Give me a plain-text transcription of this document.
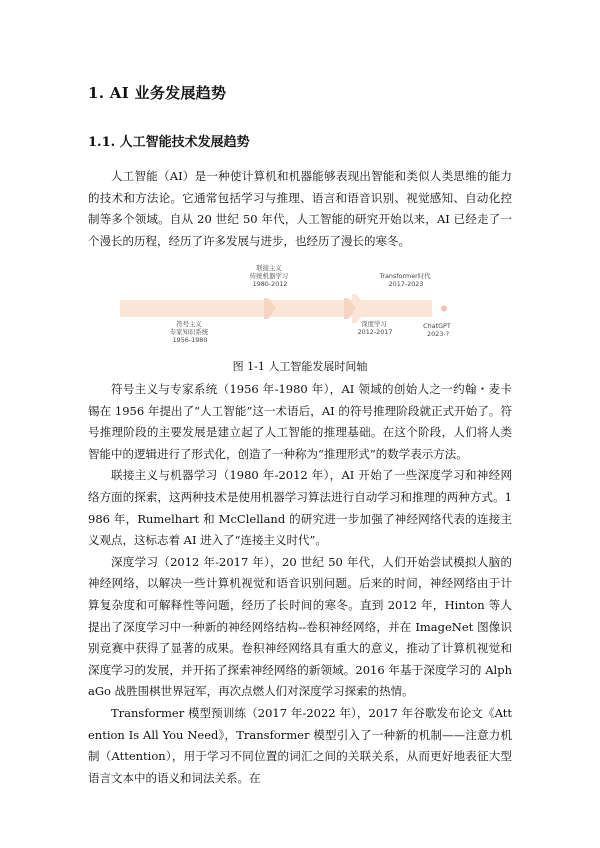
1. AI 业务发展趋势
1.1. 人工智能技术发展趋势

人工智能（AI）是一种使计算机和机器能够表现出智能和类似人类思维的能力的技术和方法论。它通常包括学习与推理、语言和语音识别、视觉感知、自动化控制等多个领域。自从 20 世纪 50 年代，人工智能的研究开始以来，AI 已经走了一个漫长的历程，经历了许多发展与进步，也经历了漫长的寒冬。

符号主义 专家知识系统 1956-1980
联接主义 传统机器学习 1980-2012
深度学习 2012-2017
Transformer时代 2017-2023
ChatGPT 2023-?
图 1-1 人工智能发展时间轴

符号主义与专家系统（1956 年-1980 年），AI 领域的创始人之一约翰・麦卡锡在 1956 年提出了“人工智能”这一术语后，AI 的符号推理阶段就正式开始了。符号推理阶段的主要发展是建立起了人工智能的推理基础。在这个阶段，人们将人类智能中的逻辑进行了形式化，创造了一种称为“推理形式”的数学表示方法。

联接主义与机器学习（1980 年-2012 年），AI 开始了一些深度学习和神经网络方面的探索，这两种技术是使用机器学习算法进行自动学习和推理的两种方式。1986 年，Rumelhart 和 McClelland 的研究进一步加强了神经网络代表的连接主义观点，这标志着 AI 进入了“连接主义时代”。

深度学习（2012 年-2017 年），20 世纪 50 年代，人们开始尝试模拟人脑的神经网络，以解决一些计算机视觉和语音识别问题。后来的时间，神经网络由于计算复杂度和可解释性等问题，经历了长时间的寒冬。直到 2012 年，Hinton 等人提出了深度学习中一种新的神经网络结构--卷积神经网络，并在 ImageNet 图像识别竞赛中获得了显著的成果。卷积神经网络具有重大的意义，推动了计算机视觉和深度学习的发展，并开拓了探索神经网络的新领域。2016 年基于深度学习的 AlphaGo 战胜围棋世界冠军，再次点燃人们对深度学习探索的热情。

Transformer 模型预训练（2017 年-2022 年），2017 年谷歌发布论文《Attention Is All You Need》，Transformer 模型引入了一种新的机制——注意力机制（Attention），用于学习不同位置的词汇之间的关联关系，从而更好地表征大型语言文本中的语义和词法关系。在
